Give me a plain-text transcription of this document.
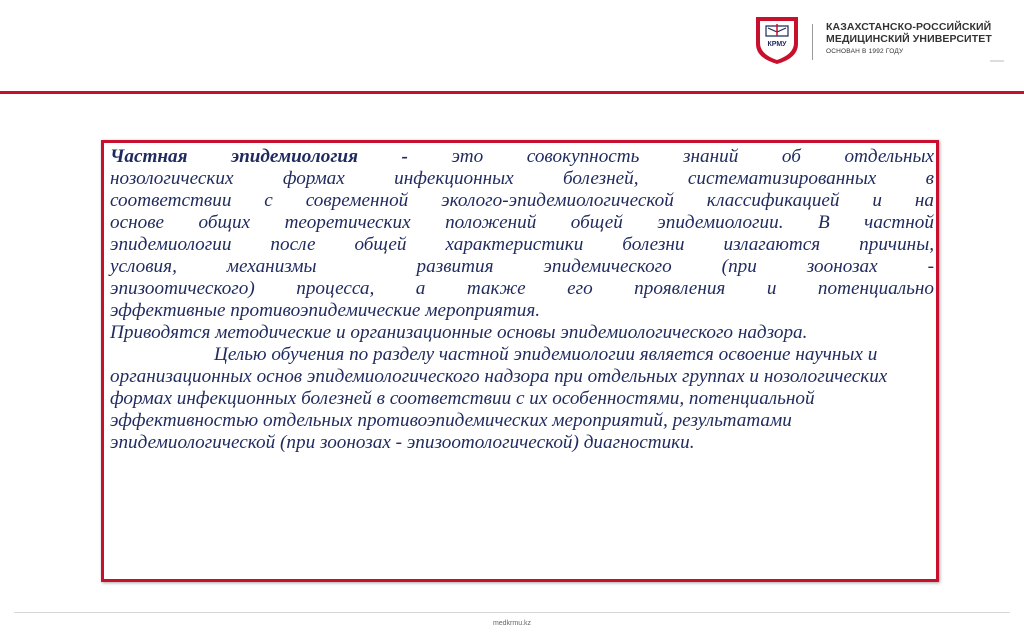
КРМУ
КАЗАХСТАНСКО-РОССИЙСКИЙ
МЕДИЦИНСКИЙ УНИВЕРСИТЕТ
ОСНОВАН В 1992 ГОДУ

Частная эпидемиология - это совокупность знаний об отдельных

нозологических формах инфекционных болезней, систематизированных в

соответствии с современной эколого-эпидемиологической классификацией и на

основе общих теоретических положений общей эпидемиологии. В частной

эпидемиологии после общей характеристики болезни излагаются причины,

условия, механизмы	развития эпидемического (при зоонозах -

эпизоотического) процесса, а также его проявления и потенциально

эффективные противоэпидемические мероприятия.

Приводятся методические и организационные основы эпидемиологического надзора.

Целью обучения по разделу частной эпидемиологии является освоение научных и организационных основ эпидемиологического надзора при отдельных группах и нозологических формах инфекционных болезней в соответствии с их особенностями, потенциальной эффективностью отдельных противоэпидемических мероприятий, результатами эпидемиологической (при зоонозах - эпизоотологической) диагностики.

medkrmu.kz
